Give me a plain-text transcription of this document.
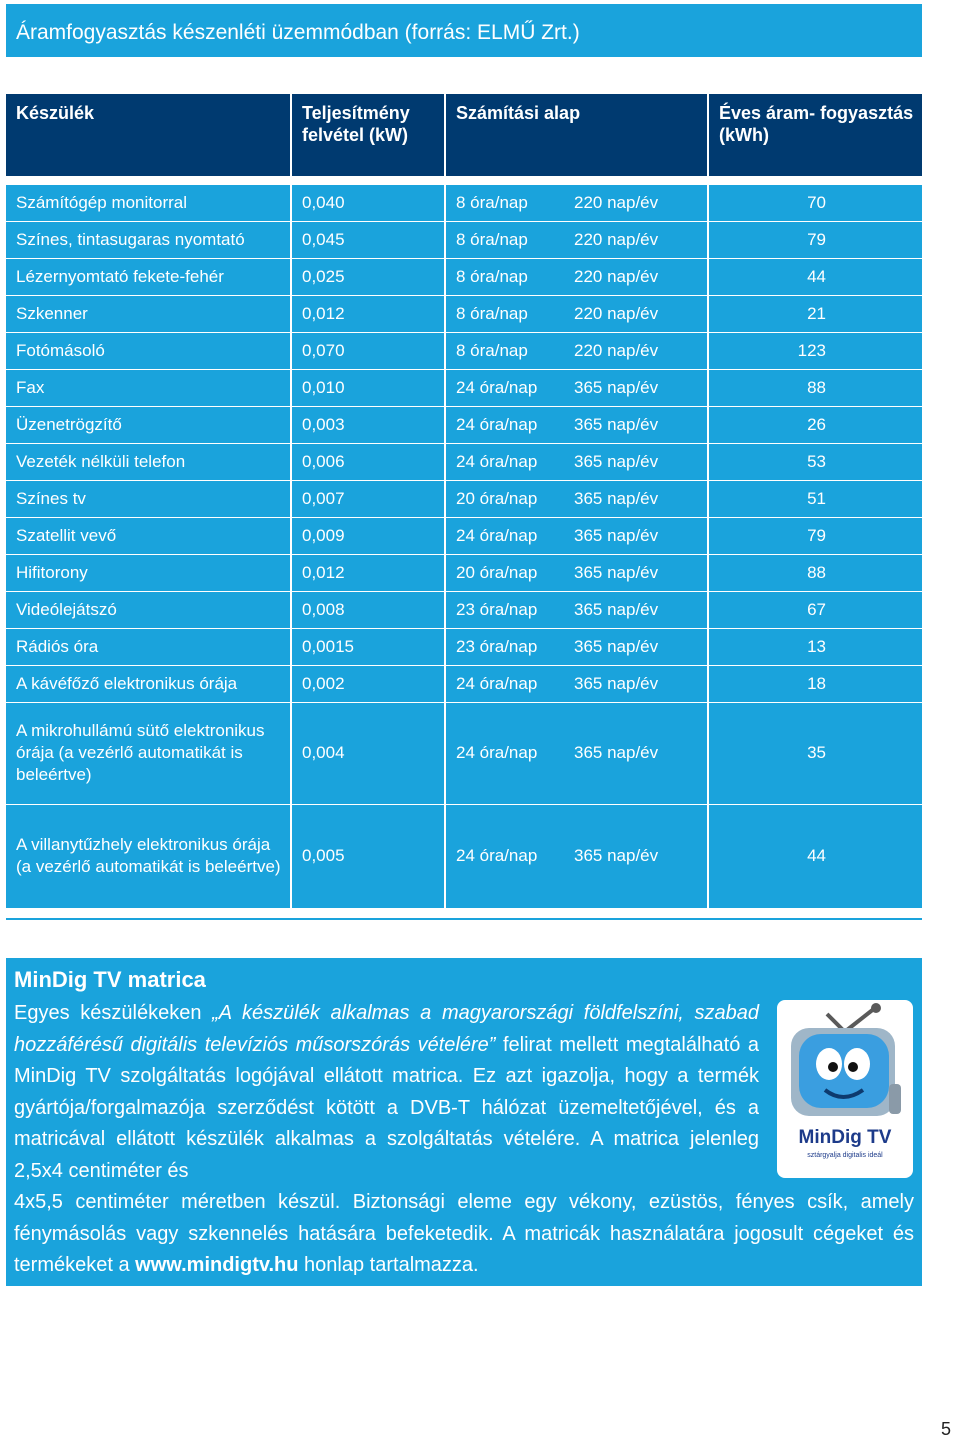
Áramfogyasztás készenléti üzemmódban (forrás: ELMŰ Zrt.)
Készülék	Teljesítmény felvétel (kW)	Számítási alap		Éves áram- fogyasztás (kWh)

Számítógép monitorral	0,040	8 óra/nap	220 nap/év	70
Színes, tintasugaras nyomtató	0,045	8 óra/nap	220 nap/év	79
Lézernyomtató fekete-fehér	0,025	8 óra/nap	220 nap/év	44
Szkenner	0,012	8 óra/nap	220 nap/év	21
Fotómásoló	0,070	8 óra/nap	220 nap/év	123
Fax	0,010	24 óra/nap	365 nap/év	88
Üzenetrögzítő	0,003	24 óra/nap	365 nap/év	26
Vezeték nélküli telefon	0,006	24 óra/nap	365 nap/év	53
Színes tv	0,007	20 óra/nap	365 nap/év	51
Szatellit vevő	0,009	24 óra/nap	365 nap/év	79
Hifitorony	0,012	20 óra/nap	365 nap/év	88
Videólejátszó	0,008	23 óra/nap	365 nap/év	67
Rádiós óra	0,0015	23 óra/nap	365 nap/év	13
A kávéfőző elektronikus órája	0,002	24 óra/nap	365 nap/év	18
A mikrohullámú sütő elektronikus órája (a vezérlő automatikát is beleértve)	0,004	24 óra/nap	365 nap/év	35
A villanytűzhely elektronikus órája (a vezérlő automatikát is beleértve)	0,005	24 óra/nap	365 nap/év	44
MinDig TV matrica
Egyes készülékeken „A készülék alkalmas a magyarországi földfelszíni, szabad hozzáférésű digitális televíziós műsorszórás vételére” felirat mellett megtalálható a MinDig TV szolgáltatás logójával ellátott matrica. Ez azt igazolja, hogy a termék gyártója/forgalmazója szerződést kötött a DVB-T hálózat üzemeltetőjével, és a matricával ellátott készülék alkalmas a szolgáltatás vételére. A matrica jelenleg 2,5x4 centiméter és
4x5,5 centiméter méretben készül. Biztonsági eleme egy vékony, ezüstös, fényes csík, amely fénymásolás vagy szkennelés hatására befeketedik. A matricák használatára jogosult cégeket és termékeket a www.mindigtv.hu honlap tartalmazza.
MinDig TV
sztárgyalja digitalis ideál
5
